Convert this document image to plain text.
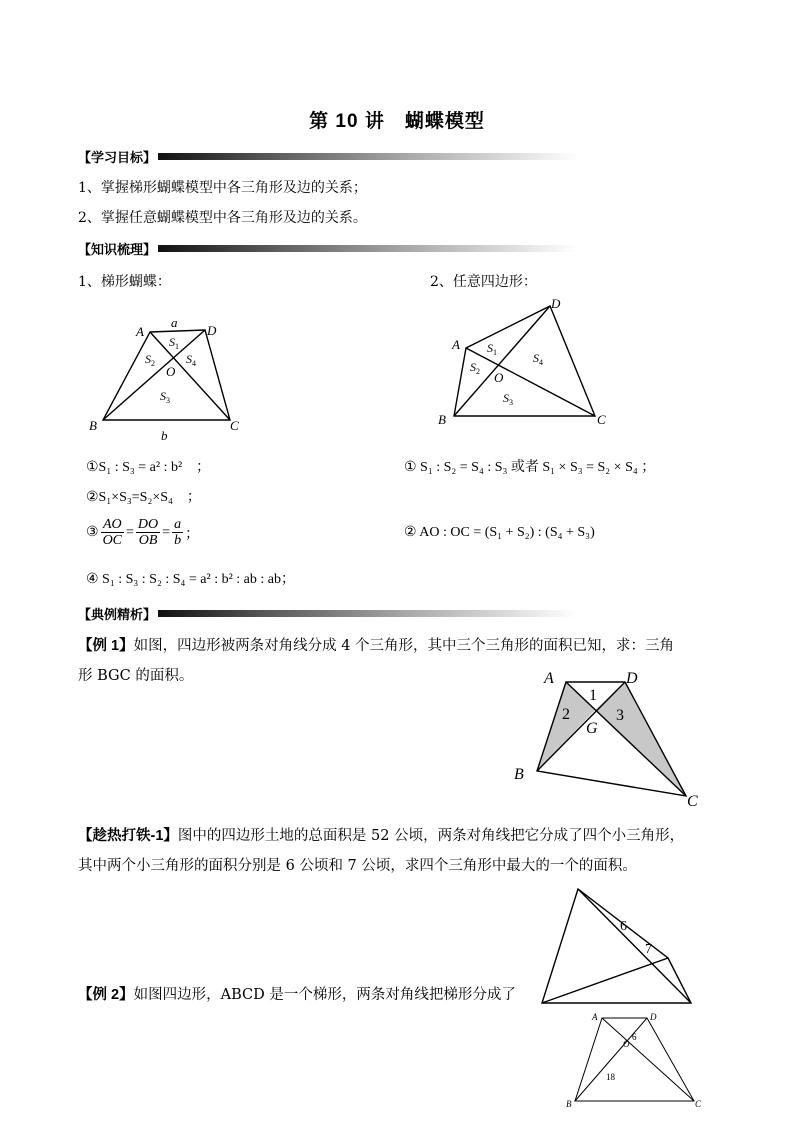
第 10 讲　蝴蝶模型
【学习目标】
1、掌握梯形蝴蝶模型中各三角形及边的关系；
2、掌握任意蝴蝶模型中各三角形及边的关系。
【知识梳理】
1、梯形蝴蝶：	2、任意四边形：
A	D
B	C
a
b
O
$S_1$
$S_2$	$S_4$
$S_3$
A
D
B	C
O
$S_1$
$S_2$
$S_4$
$S_3$
①S₁ : S₃ = a² : b²　；
②S₁×S₃=S₂×S₄　；
③ $\frac{AO}{OC} = \frac{DO}{OB} = \frac{a}{b}$ ；
④ S₁ : S₃ : S₂ : S₄ = a² : b² : ab : ab；
① S₁ : S₂ = S₄ : S₃ 或者 S₁ × S₃ = S₂ × S₄ ；
② AO : OC = (S₁ + S₂) : (S₄ + S₃)
【典例精析】
【例 1】如图，四边形被两条对角线分成 4 个三角形，其中三个三角形的面积已知，求：三角
形 BGC 的面积。	A	D
B
C
G
1
2	3
【趁热打铁-1】图中的四边形土地的总面积是 52 公顷，两条对角线把它分成了四个小三角形，
其中两个小三角形的面积分别是 6 公顷和 7 公顷，求四个三角形中最大的一个的面积。
6
7
【例 2】如图四边形，ABCD 是一个梯形，两条对角线把梯形分成了
A	D
B	C
O
6
18
